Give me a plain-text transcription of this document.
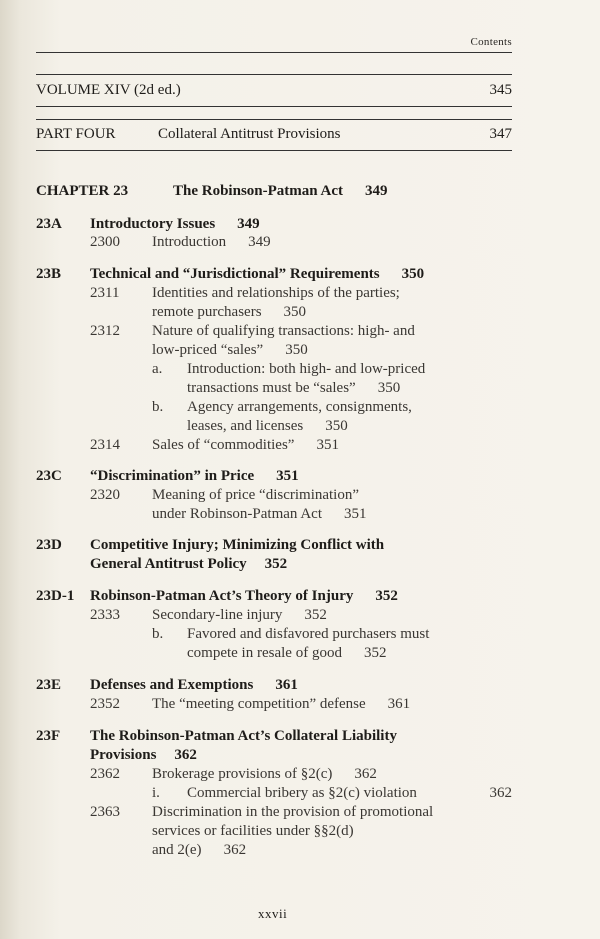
Contents
VOLUME XIV (2d ed.)	345
PART FOUR	Collateral Antitrust Provisions	347
CHAPTER 23	The Robinson-Patman Act 349
23A Introductory Issues 349
2300 Introduction 349
23B Technical and “Jurisdictional” Requirements 350
2311 Identities and relationships of the parties;
remote purchasers 350
2312 Nature of qualifying transactions: high- and
low-priced “sales” 350
a. Introduction: both high- and low-priced
transactions must be “sales” 350
b. Agency arrangements, consignments,
leases, and licenses 350
2314 Sales of “commodities” 351
23C “Discrimination” in Price 351
2320 Meaning of price “discrimination”
under Robinson-Patman Act 351
23D Competitive Injury; Minimizing Conflict with
General Antitrust Policy 352
23D-1 Robinson-Patman Act’s Theory of Injury 352
2333 Secondary-line injury 352
b. Favored and disfavored purchasers must
compete in resale of good 352
23E Defenses and Exemptions 361
2352 The “meeting competition” defense 361
23F The Robinson-Patman Act’s Collateral Liability
Provisions 362
2362 Brokerage provisions of §2(c) 362
i. Commercial bribery as §2(c) violation	362
2363 Discrimination in the provision of promotional
services or facilities under §§2(d)
and 2(e) 362
xxvii
